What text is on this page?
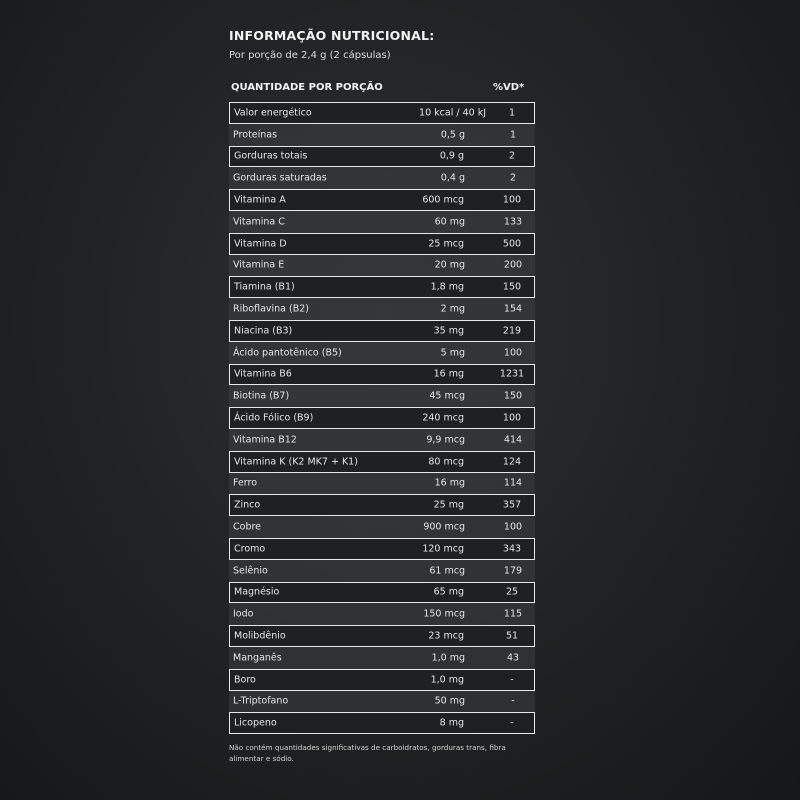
INFORMAÇÃO NUTRICIONAL:
Por porção de 2,4 g (2 cápsulas)
QUANTIDADE POR PORÇÃO	%VD*
Valor energético	10 kcal / 40 kJ	1
Proteínas	0,5 g	1
Gorduras totais	0,9 g	2
Gorduras saturadas	0,4 g	2
Vitamina A	600 mcg	100
Vitamina C	60 mg	133
Vitamina D	25 mcg	500
Vitamina E	20 mg	200
Tiamina (B1)	1,8 mg	150
Riboflavina (B2)	2 mg	154
Niacina (B3)	35 mg	219
Ácido pantotênico (B5)	5 mg	100
Vitamina B6	16 mg	1231
Biotina (B7)	45 mcg	150
Ácido Fólico (B9)	240 mcg	100
Vitamina B12	9,9 mcg	414
Vitamina K (K2 MK7 + K1)	80 mcg	124
Ferro	16 mg	114
Zinco	25 mg	357
Cobre	900 mcg	100
Cromo	120 mcg	343
Selênio	61 mcg	179
Magnésio	65 mg	25
Iodo	150 mcg	115
Molibdênio	23 mcg	51
Manganês	1,0 mg	43
Boro	1,0 mg	-
L-Triptofano	50 mg	-
Licopeno	8 mg	-
Não contém quantidades significativas de carboidratos, gorduras trans, fibra alimentar e sódio.
